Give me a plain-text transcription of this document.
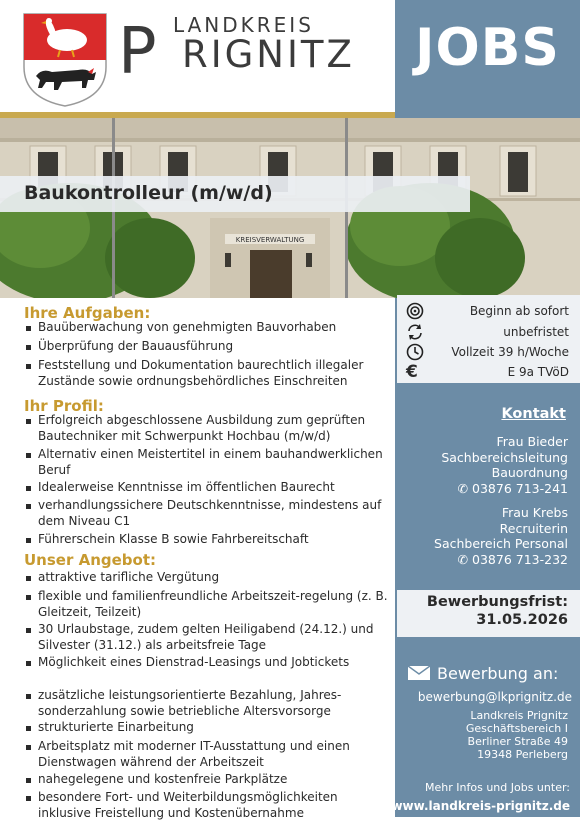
LANDKREIS
P RIGNITZ	JOBS
KREISVERWALTUNG
Baukontrolleur (m/w/d)
Ihre Aufgaben:
Bauüberwachung von genehmigten Bauvorhaben
Überprüfung der Bauausführung
Feststellung und Dokumentation baurechtlich illegaler Zustände sowie ordnungsbehördliches Einschreiten
Ihr Profil:
Erfolgreich abgeschlossene Ausbildung zum geprüften Bautechniker mit Schwerpunkt Hochbau (m/w/d)
Alternativ einen Meistertitel in einem bauhandwerklichen Beruf
Idealerweise Kenntnisse im öffentlichen Baurecht
verhandlungssichere Deutschkenntnisse, mindestens auf dem Niveau C1
Führerschein Klasse B sowie Fahrbereitschaft
Unser Angebot:
attraktive tarifliche Vergütung
flexible und familienfreundliche Arbeitszeit-regelung (z. B. Gleitzeit, Teilzeit)
30 Urlaubstage, zudem gelten Heiligabend (24.12.) und Silvester (31.12.) als arbeitsfreie Tage
Möglichkeit eines Dienstrad-Leasings und Jobtickets
zusätzliche leistungsorientierte Bezahlung, Jahres-sonderzahlung sowie betriebliche Altersvorsorge
strukturierte Einarbeitung
Arbeitsplatz mit moderner IT-Ausstattung und einen Dienstwagen während der Arbeitszeit
nahegelegene und kostenfreie Parkplätze
besondere Fort- und Weiterbildungsmöglichkeiten inklusive Freistellung und Kostenübernahme
Beginn ab sofort
unbefristet
Vollzeit 39 h/Woche
€	E 9a TVöD
Kontakt
Frau Bieder
Sachbereichsleitung
Bauordnung
✆ 03876 713-241
Frau Krebs
Recruiterin
Sachbereich Personal
✆ 03876 713-232
Bewerbungsfrist:
31.05.2026
Bewerbung an:
bewerbung@lkprignitz.de
Landkreis Prignitz
Geschäftsbereich I
Berliner Straße 49
19348 Perleberg
Mehr Infos und Jobs unter:
www.landkreis-prignitz.de
